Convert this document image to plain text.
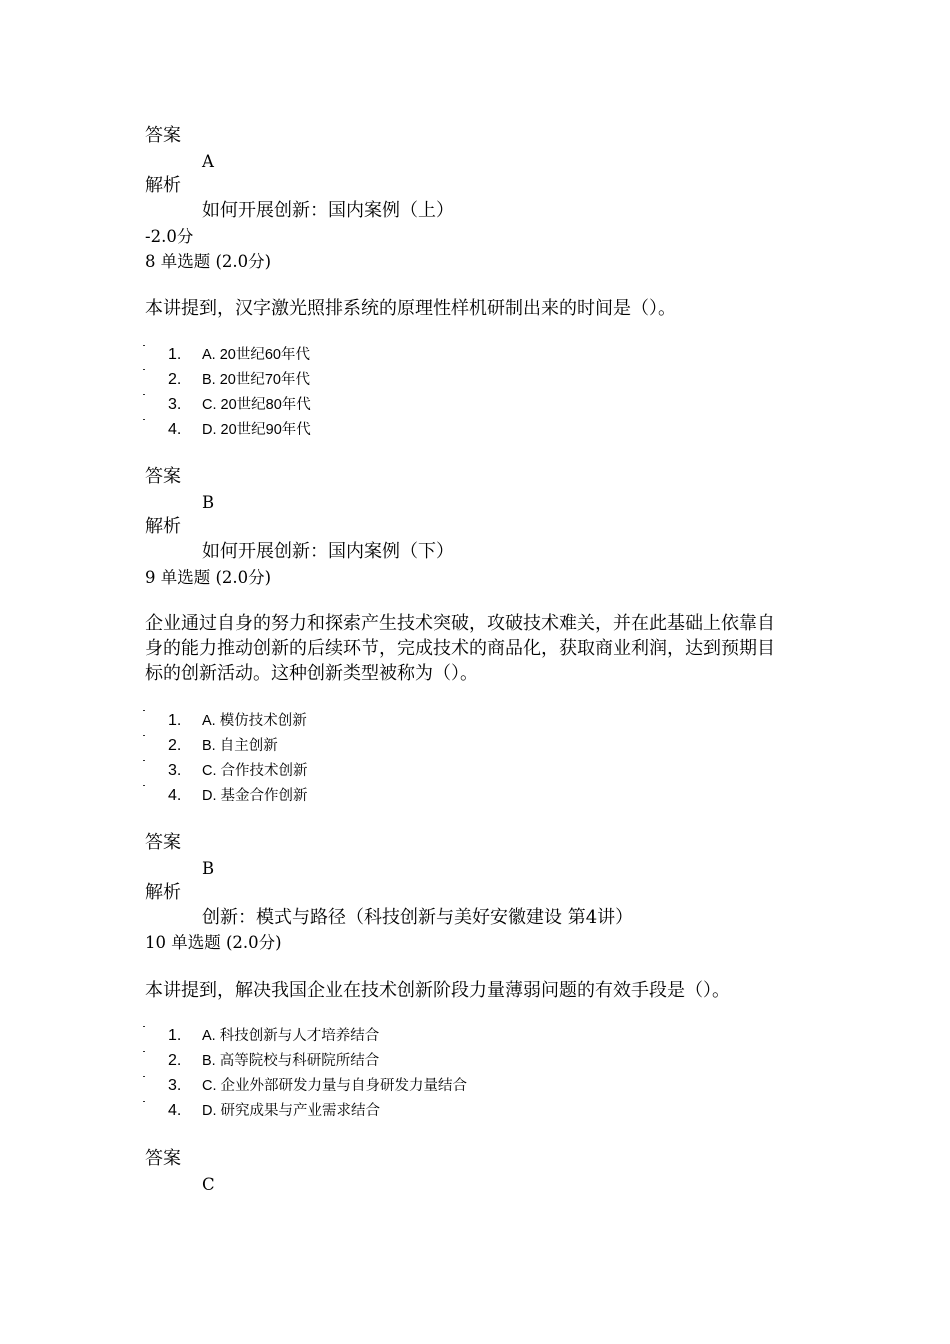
答案
A
解析
如何开展创新：国内案例（上）
-2.0分
8 单选题 (2.0分)
本讲提到，汉字激光照排系统的原理性样机研制出来的时间是（）。
1. A. 20世纪60年代
2. B. 20世纪70年代
3. C. 20世纪80年代
4. D. 20世纪90年代
答案
B
解析
如何开展创新：国内案例（下）
9 单选题 (2.0分)
企业通过自身的努力和探索产生技术突破，攻破技术难关，并在此基础上依靠自
身的能力推动创新的后续环节，完成技术的商品化，获取商业利润，达到预期目
标的创新活动。这种创新类型被称为（）。
1. A. 模仿技术创新
2. B. 自主创新
3. C. 合作技术创新
4. D. 基金合作创新
答案
B
解析
创新：模式与路径（科技创新与美好安徽建设 第4讲）
10 单选题 (2.0分)
本讲提到，解决我国企业在技术创新阶段力量薄弱问题的有效手段是（）。
1. A. 科技创新与人才培养结合
2. B. 高等院校与科研院所结合
3. C. 企业外部研发力量与自身研发力量结合
4. D. 研究成果与产业需求结合
答案
C
